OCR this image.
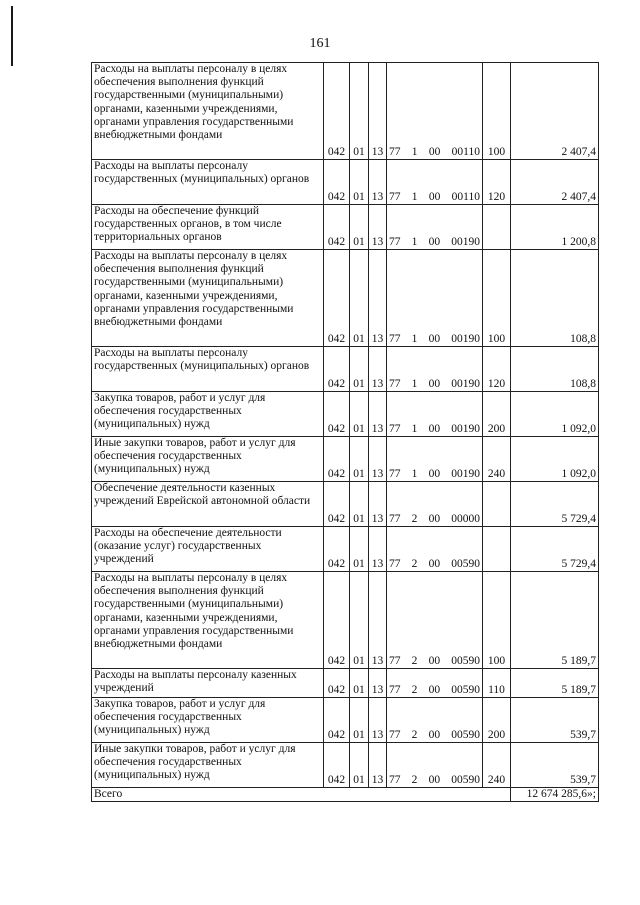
161
Расходы на выплаты персоналу в целях обеспечения выполнения функций государственными (муниципальными) органами, казенными учреждениями, органами управления государственными внебюджетными фондами	042	01	13	77 1 00 00110	100	2 407,4
Расходы на выплаты персоналу государственных (муниципальных) органов	042	01	13	77 1 00 00110	120	2 407,4
Расходы на обеспечение функций государственных органов, в том числе территориальных органов	042	01	13	77 1 00 00190		1 200,8
Расходы на выплаты персоналу в целях обеспечения выполнения функций государственными (муниципальными) органами, казенными учреждениями, органами управления государственными внебюджетными фондами	042	01	13	77 1 00 00190	100	108,8
Расходы на выплаты персоналу государственных (муниципальных) органов	042	01	13	77 1 00 00190	120	108,8
Закупка товаров, работ и услуг для обеспечения государственных (муниципальных) нужд	042	01	13	77 1 00 00190	200	1 092,0
Иные закупки товаров, работ и услуг для обеспечения государственных (муниципальных) нужд	042	01	13	77 1 00 00190	240	1 092,0
Обеспечение деятельности казенных учреждений Еврейской автономной области	042	01	13	77 2 00 00000		5 729,4
Расходы на обеспечение деятельности (оказание услуг) государственных учреждений	042	01	13	77 2 00 00590		5 729,4
Расходы на выплаты персоналу в целях обеспечения выполнения функций государственными (муниципальными) органами, казенными учреждениями, органами управления государственными внебюджетными фондами	042	01	13	77 2 00 00590	100	5 189,7
Расходы на выплаты персоналу казенных учреждений	042	01	13	77 2 00 00590	110	5 189,7
Закупка товаров, работ и услуг для обеспечения государственных (муниципальных) нужд	042	01	13	77 2 00 00590	200	539,7
Иные закупки товаров, работ и услуг для обеспечения государственных (муниципальных) нужд	042	01	13	77 2 00 00590	240	539,7
Всего						12 674 285,6»;
